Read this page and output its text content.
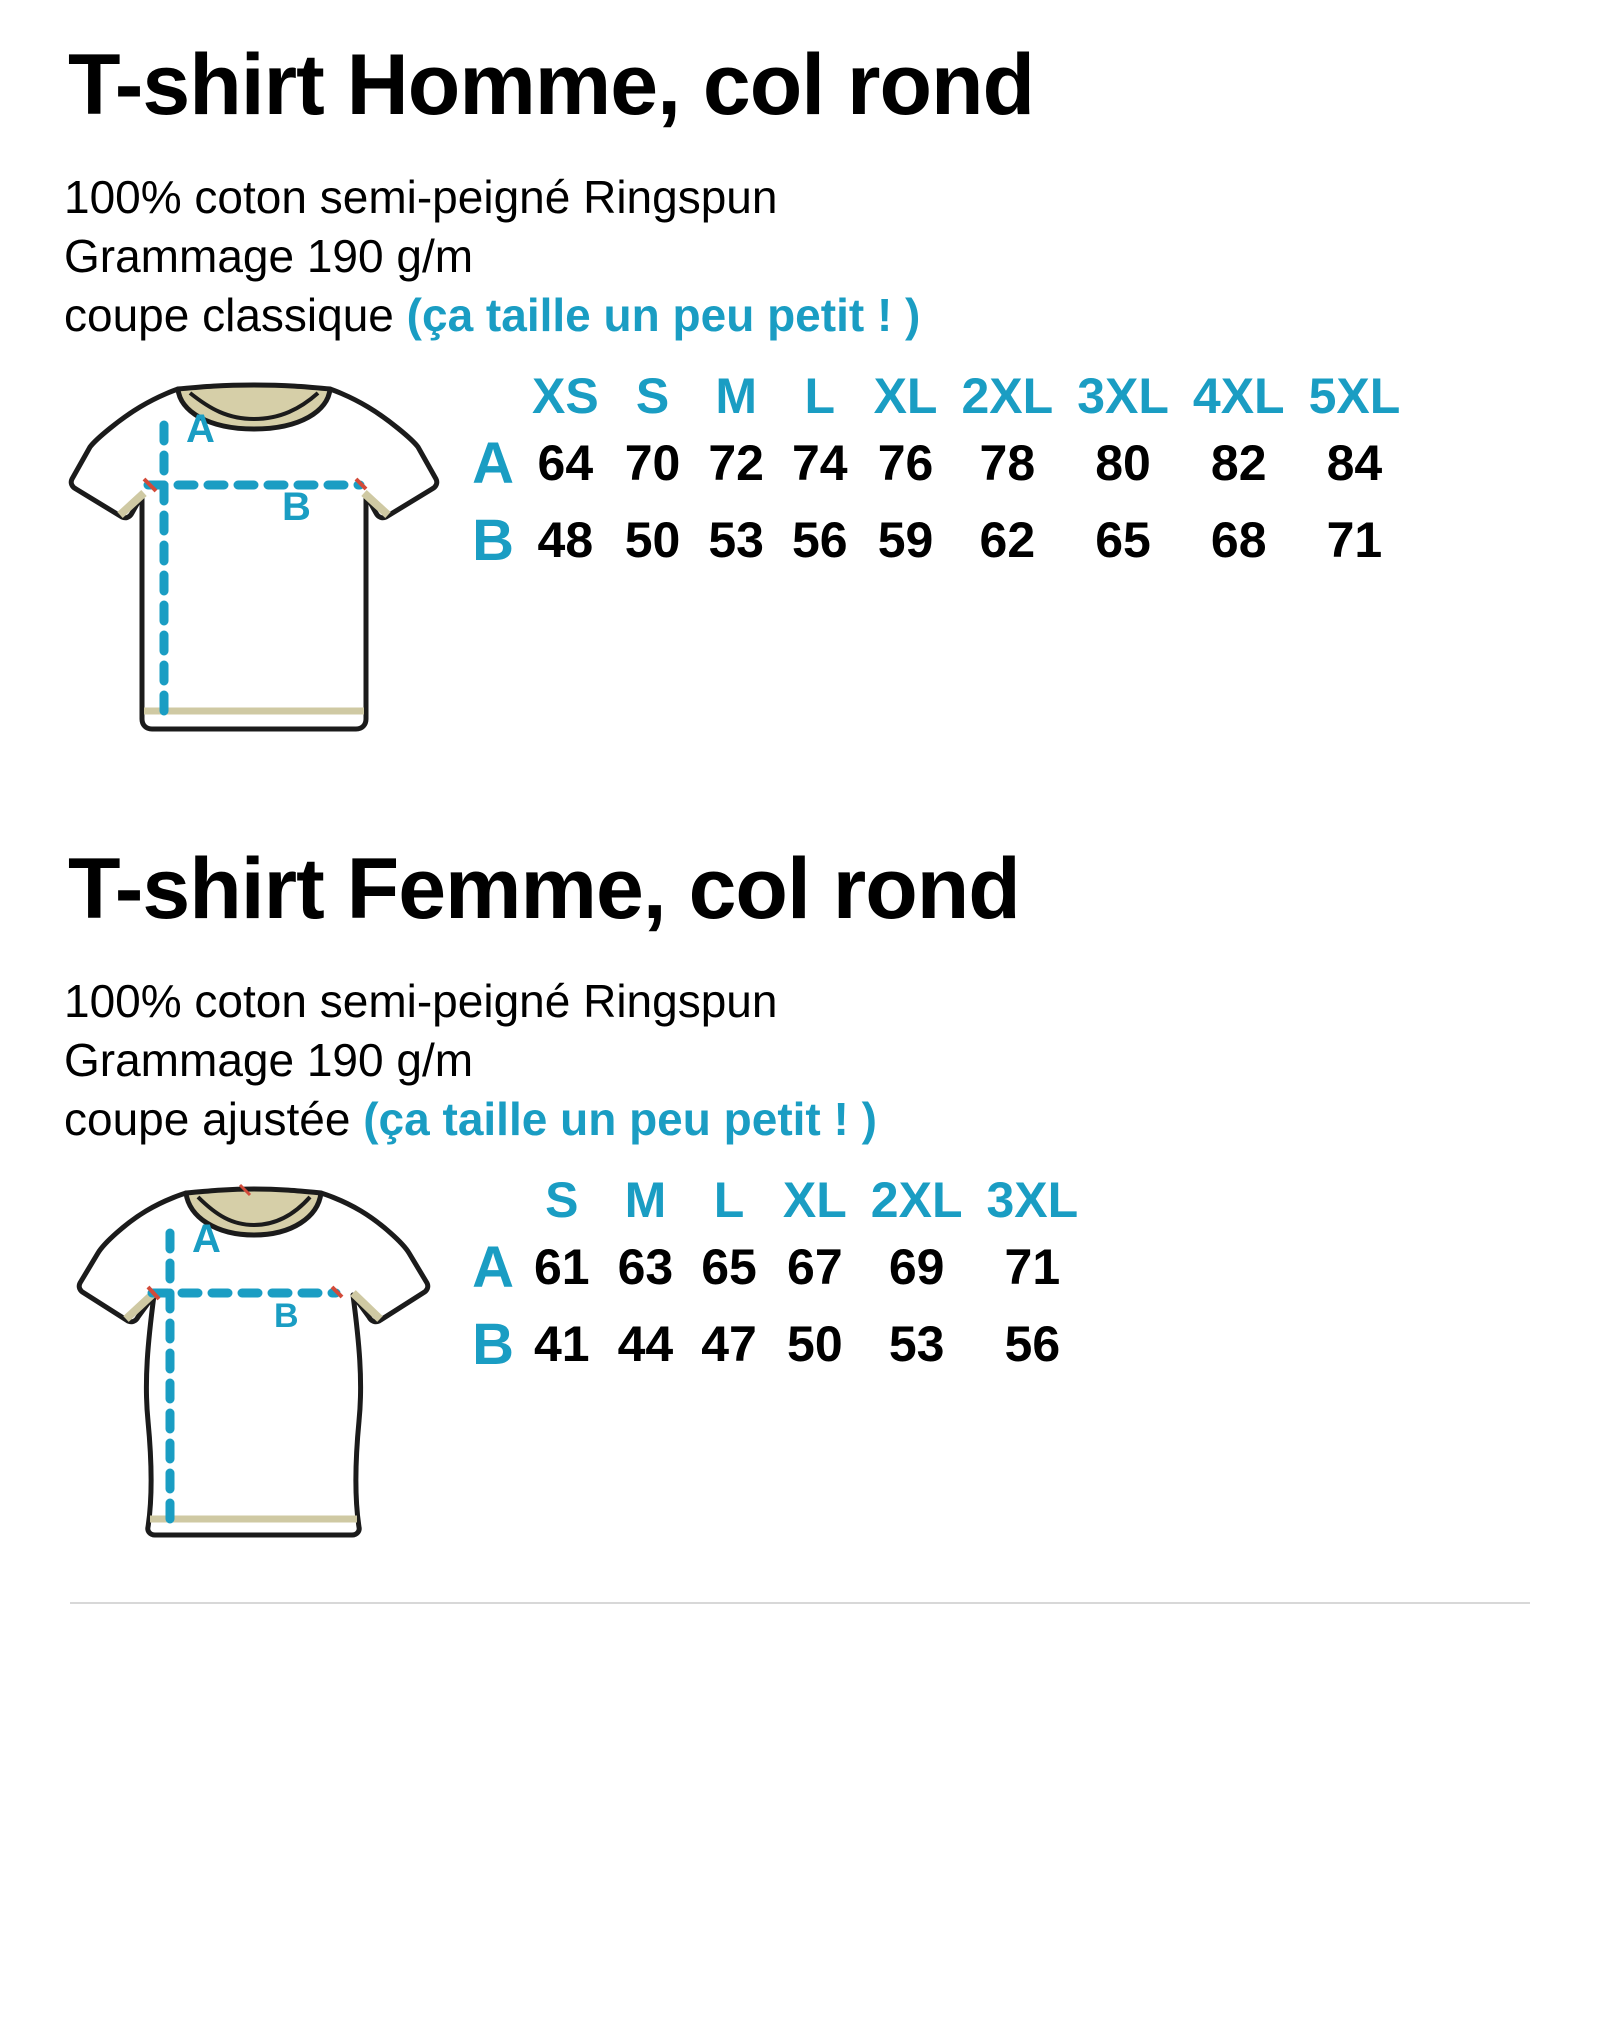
T-shirt Homme, col rond
100% coton semi-peigné Ringspun
Grammage 190 g/m
coupe classique (ça taille un peu petit ! )
A
B
	XS	S	M	L	XL	2XL	3XL	4XL	5XL
A	64	70	72	74	76	78	80	82	84
B	48	50	53	56	59	62	65	68	71
T-shirt Femme, col rond
100% coton semi-peigné Ringspun
Grammage 190 g/m
coupe ajustée (ça taille un peu petit ! )
A
B
	S	M	L	XL	2XL	3XL
A	61	63	65	67	69	71
B	41	44	47	50	53	56
